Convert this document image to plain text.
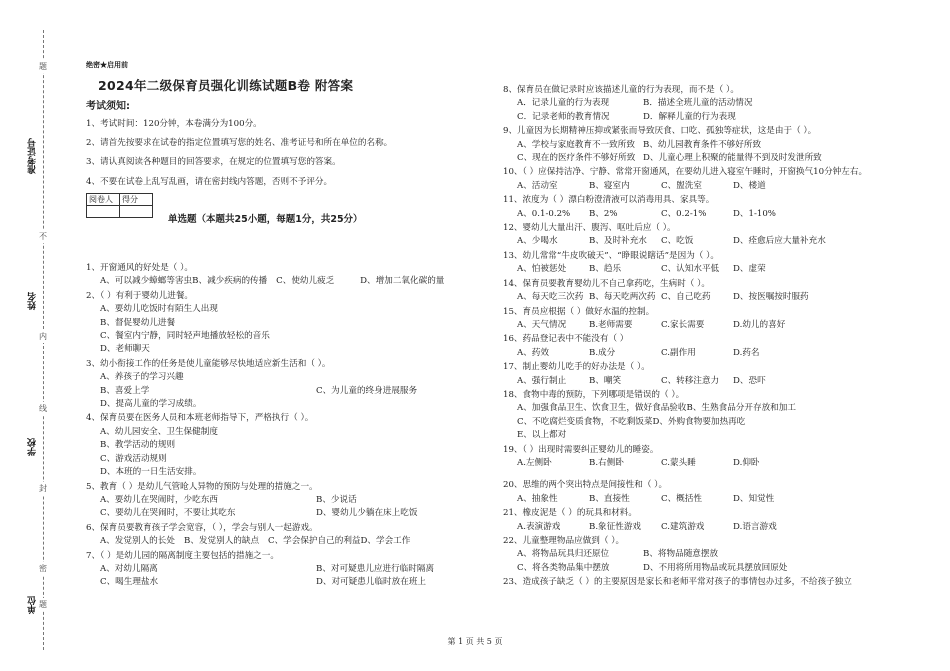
准考证号
姓名
学校
单位
题
不
内
线
封
密
题
绝密★启用前
2024年二级保育员强化训练试题B卷 附答案
考试须知:
1、考试时间：120分钟，本卷满分为100分。
2、请首先按要求在试卷的指定位置填写您的姓名、准考证号和所在单位的名称。
3、请认真阅读各种题目的回答要求，在规定的位置填写您的答案。
4、不要在试卷上乱写乱画，请在密封线内答题，否则不予评分。
阅卷人	得分

单选题（本题共25小题，每题1分，共25分）
1、开窗通风的好处是（ ）。
A、可以减少蟑螂等害虫B、减少疾病的传播 C、使幼儿疲乏	D、增加二氧化碳的量
2、（ ）有利于婴幼儿进餐。
A、要幼儿吃饭时有陌生人出现
B、督促婴幼儿进餐
C、餐室内宁静，同时轻声地播放轻松的音乐
D、老师聊天
3、幼小衔接工作的任务是使儿童能够尽快地适应新生活和（ ）。
A、养孩子的学习兴趣
B、喜爱上学	C、为儿童的终身进展服务
D、提高儿童的学习成绩。
4、保育员要在医务人员和本班老师指导下，严格执行（ ）。
A、幼儿园安全、卫生保健制度
B、教学活动的规则
C、游戏活动规则
D、本班的一日生活安排。
5、教育（ ）是幼儿气管呛人异物的预防与处理的措施之一。
A、要幼儿在哭闹时，少吃东西	B、少说话
C、要幼儿在哭闹时，不要让其吃东	D、婴幼儿少躺在床上吃饭
6、保育员要教育孩子学会宽容，（ ），学会与别人一起游戏。
A、发觉别人的长处 B、发觉别人的缺点 C、学会保护自己的利益D、学会工作
7、（ ）是幼儿园的隔离制度主要包括的措施之一。
A、对幼儿隔离	B、对可疑患儿应进行临时隔离
C、喝生理盐水	D、对可疑患儿临时放在班上
8、保育员在做记录时应该描述儿童的行为表现，而不是（ ）。
A．记录儿童的行为表现	B．描述全班儿童的活动情况
C．记录老师的教育情况	D．解释儿童的行为表现
9、儿童因为长期精神压抑或紧张而导致厌食、口吃、孤独等症状，这是由于（ ）。
A、学校与家庭教育不一致所致 B、幼儿园教育条件不够好所致
C、现在的医疗条件不够好所致 D、儿童心理上积聚的能量得不到及时发泄所致
10、（ ）应保持洁净、宁静、常常开窗通风，在要幼儿进入寝室午睡时，开窗换气10分钟左右。
A、活动室	B、寝室内	C、盥洗室	D、楼道
11、浓度为（ ）漂白粉澄清液可以消毒用具、家具等。
A、0.1-0.2% B、2%	C、0.2-1%	D、1-10%
12、婴幼儿大量出汗、腹泻、呕吐后应（ ）。
A、少喝水	B、及时补充水 C、吃饭	D、痊愈后应大量补充水
13、幼儿常常“牛皮吹破天”、“睁眼说瞎话”是因为（ ）。
A、怕被惩处	B、趋乐	C、认知水平低 D、虚荣
14、保育员要教育婴幼儿不自己拿药吃，生病时（ ）。
A、每天吃三次药 B、每天吃两次药 C、自己吃药	D、按医嘱按时服药
15、育员应根据（ ）做好水温的控制。
A、天气情况	B.老师需要	C.家长需要	D.幼儿的喜好
16、药品登记表中不能没有（ ）
A、药效	B.成分	C.副作用	D.药名
17、制止婴幼儿吃手的好办法是（ ）。
A、强行制止	B、嘲笑	C、转移注意力 D、恐吓
18、食物中毒的预防，下列哪项是错误的（ ）。
A、加强食品卫生、饮食卫生，做好食品验收B、生熟食品分开存放和加工
C、不吃腐烂变质食物，不吃剩饭菜D、外购食物要加热再吃
E、以上都对
19、（ ）出现时需要纠正婴幼儿的睡姿。
A.左侧卧	B.右侧卧	C.蒙头睡	D.仰卧
20、思维的两个突出特点是间接性和（ ）。
A、抽象性	B、直接性	C、概括性	D、知觉性
21、橡皮泥是（ ）的玩具和材料。
A.表演游戏	B.象征性游戏 C.建筑游戏	D.语言游戏
22、儿童整理物品应做到（ ）。
A、将物品玩具归还原位	B、将物品随意摆放
C、将各类物品集中摆放	D、不用将所用物品或玩具摆放回原处
23、造成孩子缺乏（ ）的主要原因是家长和老师平常对孩子的事情包办过多，不给孩子独立
第 1 页 共 5 页
